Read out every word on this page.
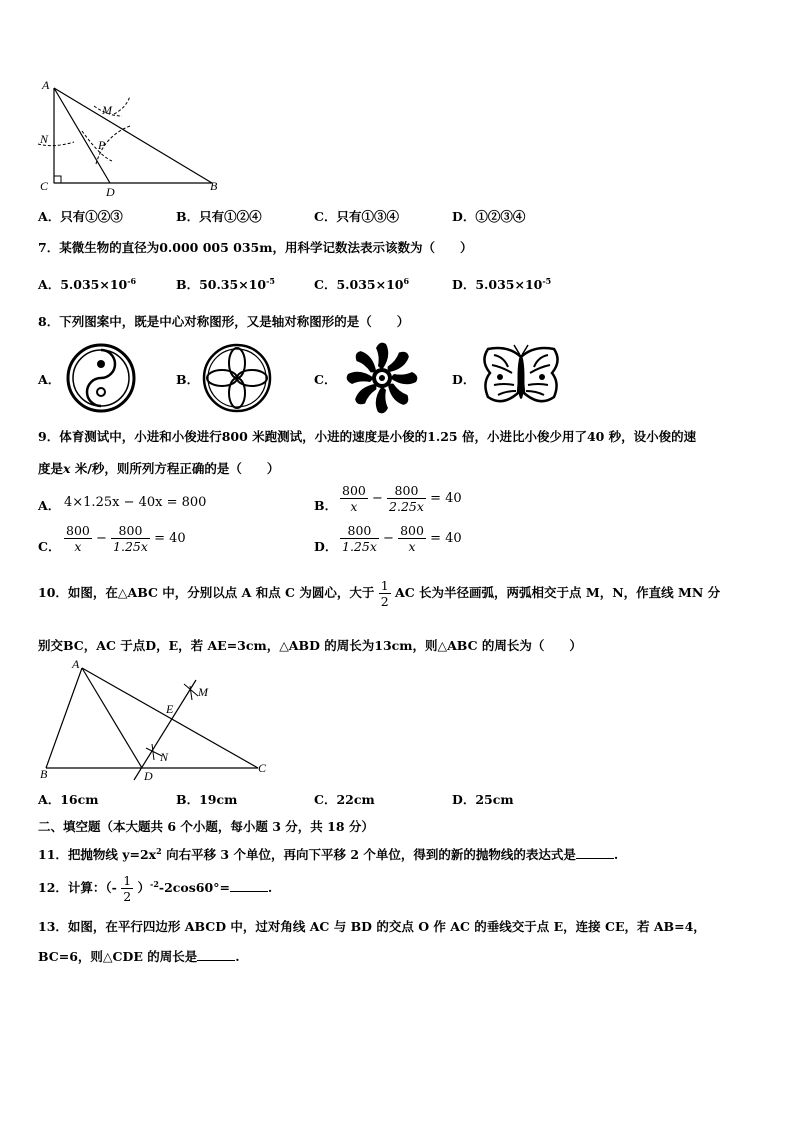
A
M
N	P
C	D	B
A．只有①②③	B．只有①②④	C．只有①③④	D．①②③④
7．某微生物的直径为0.000 005 035m，用科学记数法表示该数为（　　）
A．$5.035\times 10^{-6}$	B．$50.35\times 10^{-5}$	C．$5.035\times 10^6$	D．$5.035\times 10^{-5}$
8．下列图案中，既是中心对称图形，又是轴对称图形的是（　　）
A．	B．	C．	D．
9．体育测试中，小进和小俊进行800 米跑测试，小进的速度是小俊的1.25 倍，小进比小俊少用了40 秒，设小俊的速
度是x 米/秒，则所列方程正确的是（　　）
A． 4×1.25x − 40x = 800	B． $\frac{800}{x} - \frac{800}{2.25x} = 40$
C． $\frac{800}{x} - \frac{800}{1.25x} = 40$
D． $\frac{800}{1.25x} - \frac{800}{x} = 40$
10．如图，在△ABC 中，分别以点 A 和点 C 为圆心，大于 $\frac{1}{2}$ AC 长为半径画弧，两弧相交于点 M，N，作直线 MN 分
别交BC，AC 于点D，E，若 AE=3cm，△ABD 的周长为13cm，则△ABC 的周长为（　　）
A
M
E
N
B	D
C
A．16cm	B．19cm	C．22cm	D．25cm
二、填空题（本大题共 6 个小题，每小题 3 分，共 18 分）
11．把抛物线 $y=2x^2$ 向右平移 3 个单位，再向下平移 2 个单位，得到的新的抛物线的表达式是	.
12．计算：（- $\frac{1}{2} )^{-2}-2\cos 60^\circ=$	.
13．如图，在平行四边形 ABCD 中，过对角线 AC 与 BD 的交点 O 作 AC 的垂线交于点 E，连接 CE，若 AB=4，
BC=6，则△CDE 的周长是	.
